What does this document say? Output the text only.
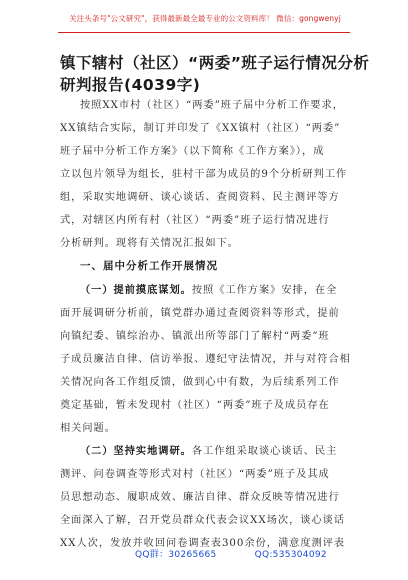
关注头条号"公文研究"，获得最新最全最专业的公文资料库！ 微信：gongwenyj
镇下辖村（社区）“两委”班子运行情况分析
研判报告(4039字)
按照XX市村（社区）“两委”班子届中分析工作要求，
XX镇结合实际，制订并印发了《XX镇村（社区）“两委”
班子届中分析工作方案》（以下简称《工作方案》），成
立以包片领导为组长，驻村干部为成员的9个分析研判工作
组，采取实地调研、谈心谈话、查阅资料、民主测评等方
式，对辖区内所有村（社区）“两委”班子运行情况进行
分析研判。现将有关情况汇报如下。
一、届中分析工作开展情况
（一）提前摸底谋划。按照《工作方案》安排，在全
面开展调研分析前，镇党群办通过查阅资料等形式，提前
向镇纪委、镇综治办、镇派出所等部门了解村“两委”班
子成员廉洁自律、信访举报、遵纪守法情况，并与对符合相
关情况向各工作组反馈，做到心中有数，为后续系列工作
奠定基础，暂未发现村（社区）“两委”班子及成员存在
相关问题。
（二）坚持实地调研。各工作组采取谈心谈话、民主
测评、问卷调查等形式对村（社区）“两委”班子及其成
员思想动态、履职成效、廉洁自律、群众反映等情况进行
全面深入了解，召开党员群众代表会议XX场次，谈心谈话
XX人次，发放并收回问卷调查表300余份，满意度测评表
QQ群：30265665	QQ:535304092
